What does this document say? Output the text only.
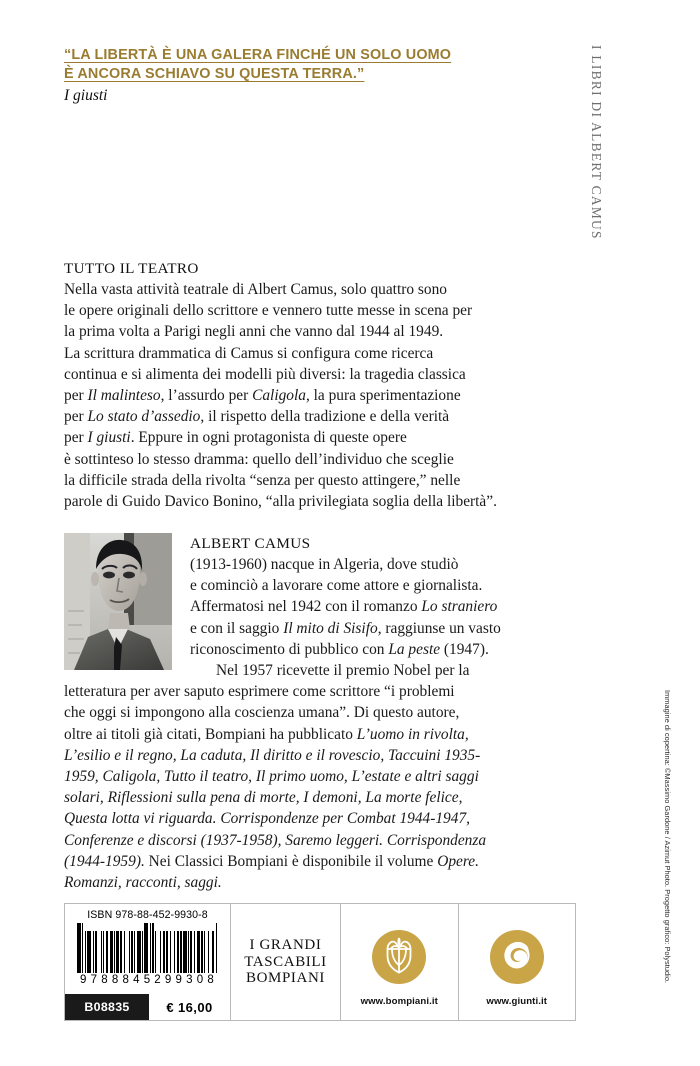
“LA LIBERTÀ È UNA GALERA FINCHÉ UN SOLO UOMO
È ANCORA SCHIAVO SU QUESTA TERRA.”
I giusti
TUTTO IL TEATRO
Nella vasta attività teatrale di Albert Camus, solo quattro sono
le opere originali dello scrittore e vennero tutte messe in scena per
la prima volta a Parigi negli anni che vanno dal 1944 al 1949.
La scrittura drammatica di Camus si configura come ricerca
continua e si alimenta dei modelli più diversi: la tragedia classica
per Il malinteso, l’assurdo per Caligola, la pura sperimentazione
per Lo stato d’assedio, il rispetto della tradizione e della verità
per I giusti. Eppure in ogni protagonista di queste opere
è sottinteso lo stesso dramma: quello dell’individuo che sceglie
la difficile strada della rivolta “senza per questo attingere,” nelle
parole di Guido Davico Bonino, “alla privilegiata soglia della libertà”.
ALBERT CAMUS
(1913-1960) nacque in Algeria, dove studiò
e cominciò a lavorare come attore e giornalista.
Affermatosi nel 1942 con il romanzo Lo straniero
e con il saggio Il mito di Sisifo, raggiunse un vasto
riconoscimento di pubblico con La peste (1947).
Nel 1957 ricevette il premio Nobel per la
letteratura per aver saputo esprimere come scrittore “i problemi
che oggi si impongono alla coscienza umana”. Di questo autore,
oltre ai titoli già citati, Bompiani ha pubblicato L’uomo in rivolta,
L’esilio e il regno, La caduta, Il diritto e il rovescio, Taccuini 1935-
1959, Caligola, Tutto il teatro, Il primo uomo, L’estate e altri saggi
solari, Riflessioni sulla pena di morte, I demoni, La morte felice,
Questa lotta vi riguarda. Corrispondenze per Combat 1944-1947,
Conferenze e discorsi (1937-1958), Saremo leggeri. Corrispondenza
(1944-1959). Nei Classici Bompiani è disponibile il volume Opere.
Romanzi, racconti, saggi.
ISBN 978-88-452-9930-8
9 7 8 8 8 4 5 2 9 9 3 0 8
B08835	€ 16,00
I GRANDI
TASCABILI
BOMPIANI
www.bompiani.it	www.giunti.it
I LIBRI DI ALBERT CAMUS
Immagine di copertina: ©Massimo Gardone / Azimut Photo. Progetto grafico: Polystudio.
